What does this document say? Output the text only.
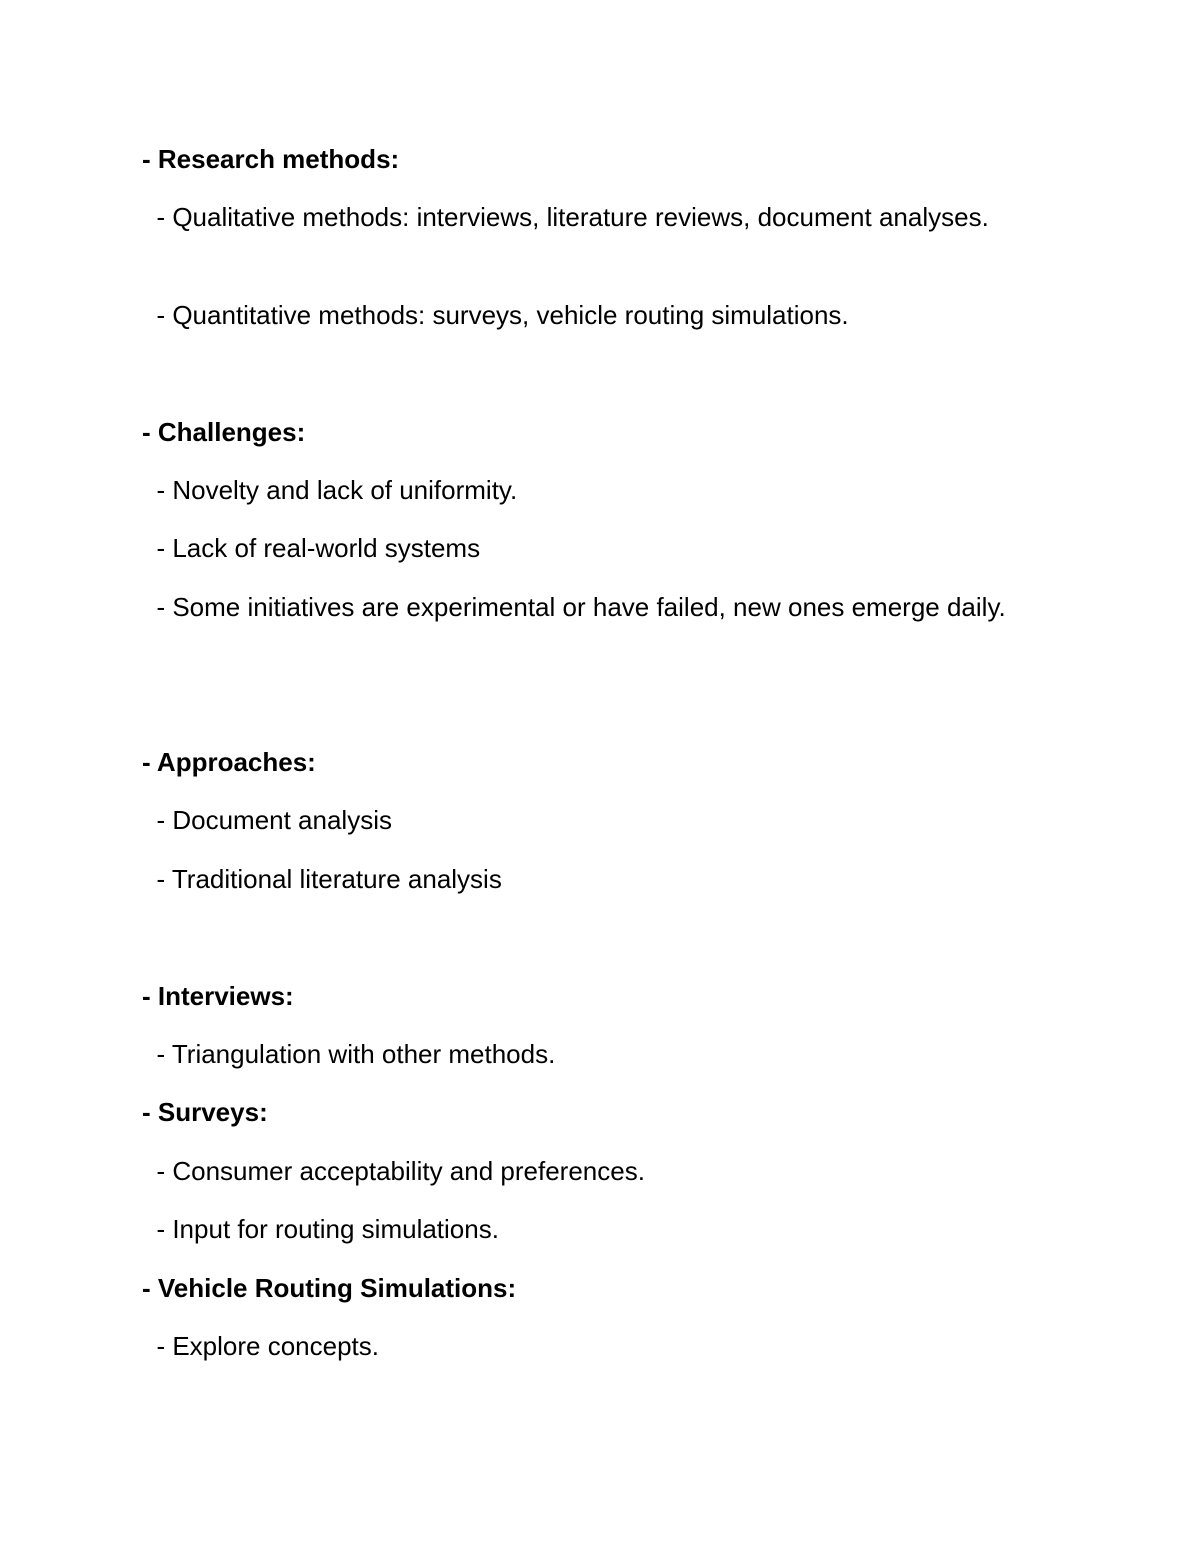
- Research methods:

- Qualitative methods: interviews, literature reviews, document analyses.

- Quantitative methods: surveys, vehicle routing simulations.

- Challenges:

- Novelty and lack of uniformity.

- Lack of real-world systems

- Some initiatives are experimental or have failed, new ones emerge daily.

- Approaches:

- Document analysis

- Traditional literature analysis

- Interviews:

- Triangulation with other methods.

- Surveys:

- Consumer acceptability and preferences.

- Input for routing simulations.

- Vehicle Routing Simulations:

- Explore concepts.
